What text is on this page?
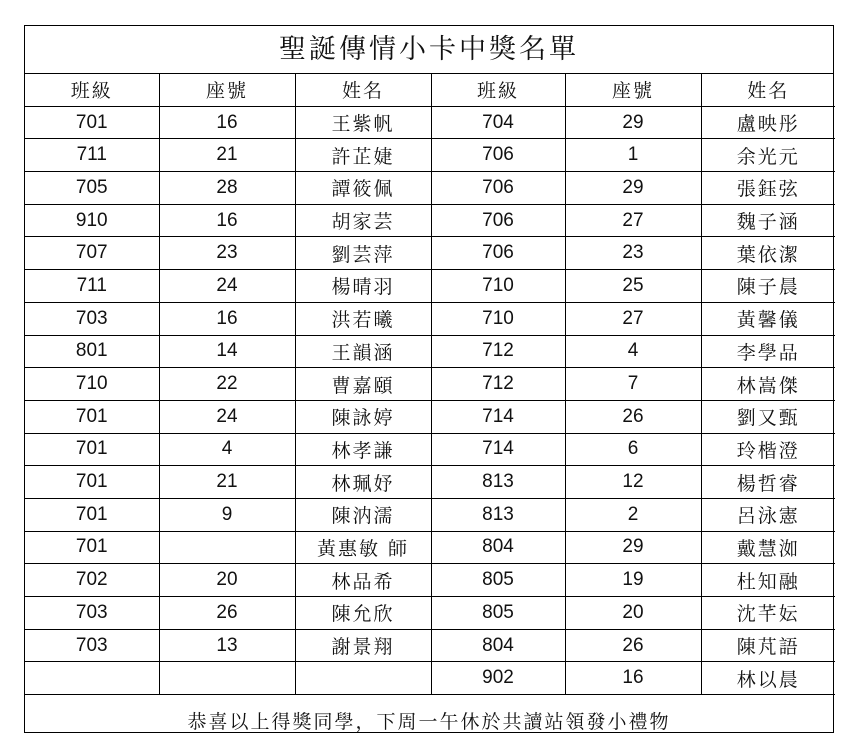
聖誕傳情小卡中獎名單
班級	座號	姓名	班級	座號	姓名
701	16	王紫帆	704	29	盧映彤
711	21	許芷婕	706	1	余光元
705	28	譚筱佩	706	29	張鈺弦
910	16	胡家芸	706	27	魏子涵
707	23	劉芸萍	706	23	葉依潔
711	24	楊晴羽	710	25	陳子晨
703	16	洪若曦	710	27	黃馨儀
801	14	王韻涵	712	4	李學品
710	22	曹嘉頤	712	7	林嵩傑
701	24	陳詠婷	714	26	劉又甄
701	4	林孝謙	714	6	玲楷澄
701	21	林珮妤	813	12	楊哲睿
701	9	陳汭濡	813	2	呂泳憲
701		黃惠敏 師	804	29	戴慧洳
702	20	林品希	805	19	杜知融
703	26	陳允欣	805	20	沈芊妘
703	13	謝景翔	804	26	陳芃語
			902	16	林以晨
恭喜以上得獎同學，下周一午休於共讀站領發小禮物
